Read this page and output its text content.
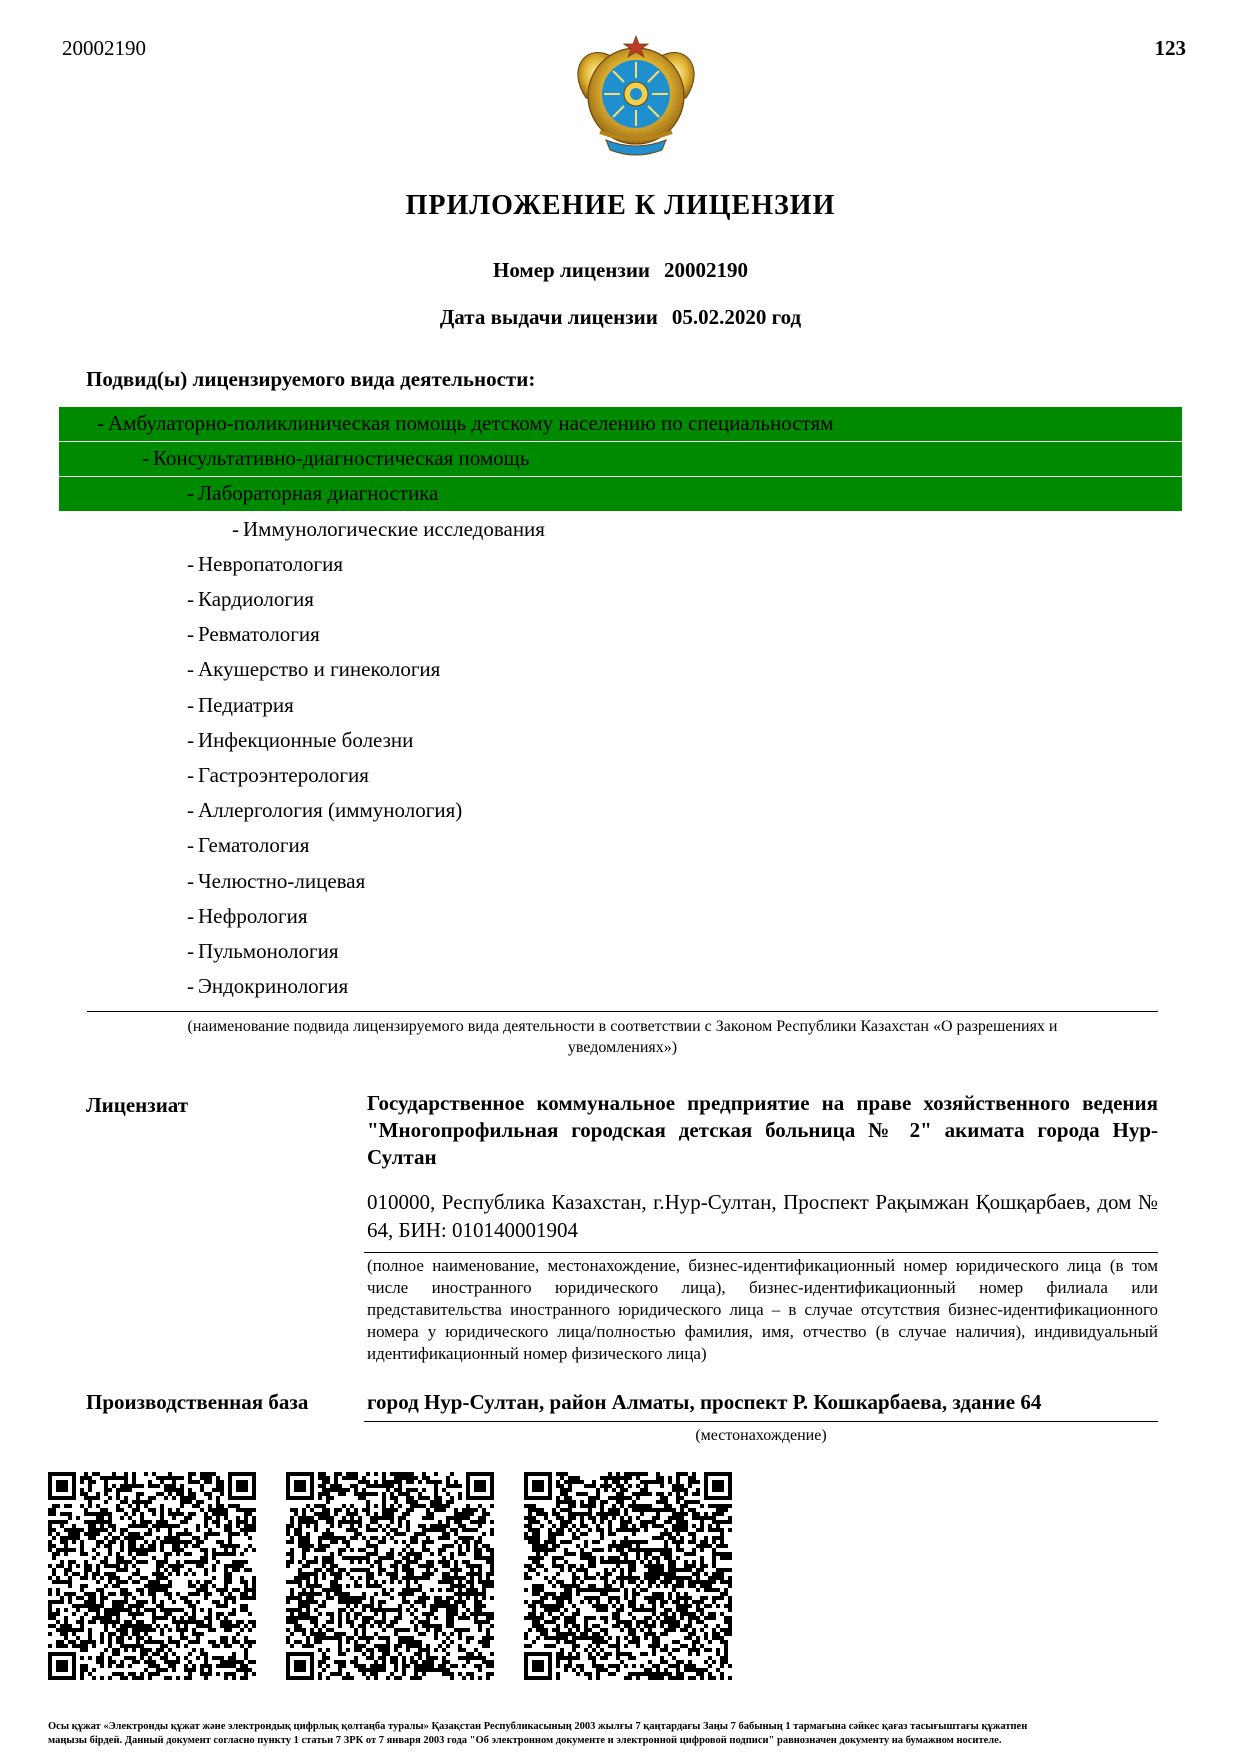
20002190	123
ПРИЛОЖЕНИЕ К ЛИЦЕНЗИИ
Номер лицензии 20002190
Дата выдачи лицензии 05.02.2020 год
Подвид(ы) лицензируемого вида деятельности:
- Амбулаторно-поликлиническая помощь детскому населению по специальностям
- Консультативно-диагностическая помощь
- Лабораторная диагностика
- Иммунологические исследования
- Невропатология
- Кардиология
- Ревматология
- Акушерство и гинекология
- Педиатрия
- Инфекционные болезни
- Гастроэнтерология
- Аллергология (иммунология)
- Гематология
- Челюстно-лицевая
- Нефрология
- Пульмонология
- Эндокринология
(наименование подвида лицензируемого вида деятельности в соответствии с Законом Республики Казахстан «О разрешениях и
уведомлениях»)
Лицензиат	Государственное коммунальное предприятие на праве хозяйственного ведения "Многопрофильная городская детская больница № 2" акимата города Нур-Султан
010000, Республика Казахстан, г.Нур-Султан, Проспект Рақымжан Қошқарбаев, дом № 64, БИН: 010140001904
(полное наименование, местонахождение, бизнес-идентификационный номер юридического лица (в том числе иностранного юридического лица), бизнес-идентификационный номер филиала или представительства иностранного юридического лица – в случае отсутствия бизнес-идентификационного номера у юридического лица/полностью фамилия, имя, отчество (в случае наличия), индивидуальный идентификационный номер физического лица)
Производственная база	город Нур-Султан, район Алматы, проспект Р. Кошкарбаева, здание 64
(местонахождение)
Осы құжат «Электронды құжат және электрондық цифрлық қолтаңба туралы» Қазақстан Республикасының 2003 жылғы 7 қаңтардағы Заңы 7 бабының 1 тармағына сәйкес қағаз тасығыштағы құжатпен
маңызы бірдей. Данный документ согласно пункту 1 статьи 7 ЗРК от 7 января 2003 года "Об электронном документе и электронной цифровой подписи" равнозначен документу на бумажном носителе.
